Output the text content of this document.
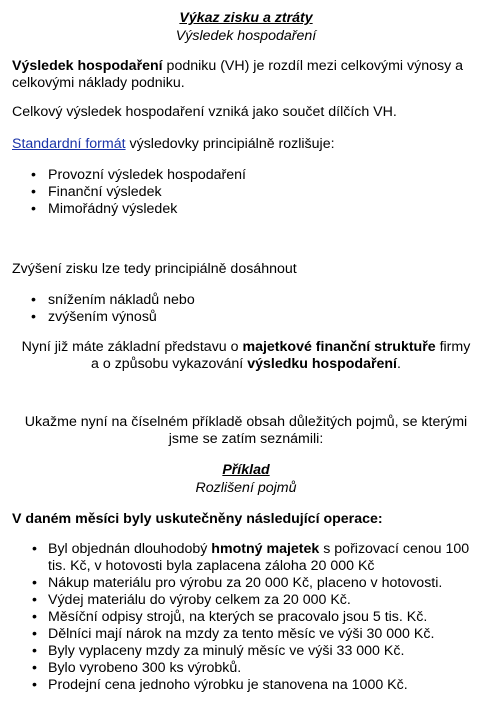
Výkaz zisku a ztráty
Výsledek hospodaření
Výsledek hospodaření podniku (VH) je rozdíl mezi celkovými výnosy a
celkovými náklady podniku.
Celkový výsledek hospodaření vzniká jako součet dílčích VH.
Standardní formát výsledovky principiálně rozlišuje:
• Provozní výsledek hospodaření
• Finanční výsledek
• Mimořádný výsledek
Zvýšení zisku lze tedy principiálně dosáhnout
• snížením nákladů nebo
• zvýšením výnosů
Nyní již máte základní představu o majetkové finanční struktuře firmy
a o způsobu vykazování výsledku hospodaření.
Ukažme nyní na číselném příkladě obsah důležitých pojmů, se kterými
jsme se zatím seznámili:
Příklad
Rozlišení pojmů
V daném měsíci byly uskutečněny následující operace:
• Byl objednán dlouhodobý hmotný majetek s pořizovací cenou 100
tis. Kč, v hotovosti byla zaplacena záloha 20 000 Kč
• Nákup materiálu pro výrobu za 20 000 Kč, placeno v hotovosti.
• Výdej materiálu do výroby celkem za 20 000 Kč.
• Měsíční odpisy strojů, na kterých se pracovalo jsou 5 tis. Kč.
• Dělníci mají nárok na mzdy za tento měsíc ve výši 30 000 Kč.
• Byly vyplaceny mzdy za minulý měsíc ve výši 33 000 Kč.
• Bylo vyrobeno 300 ks výrobků.
• Prodejní cena jednoho výrobku je stanovena na 1000 Kč.
